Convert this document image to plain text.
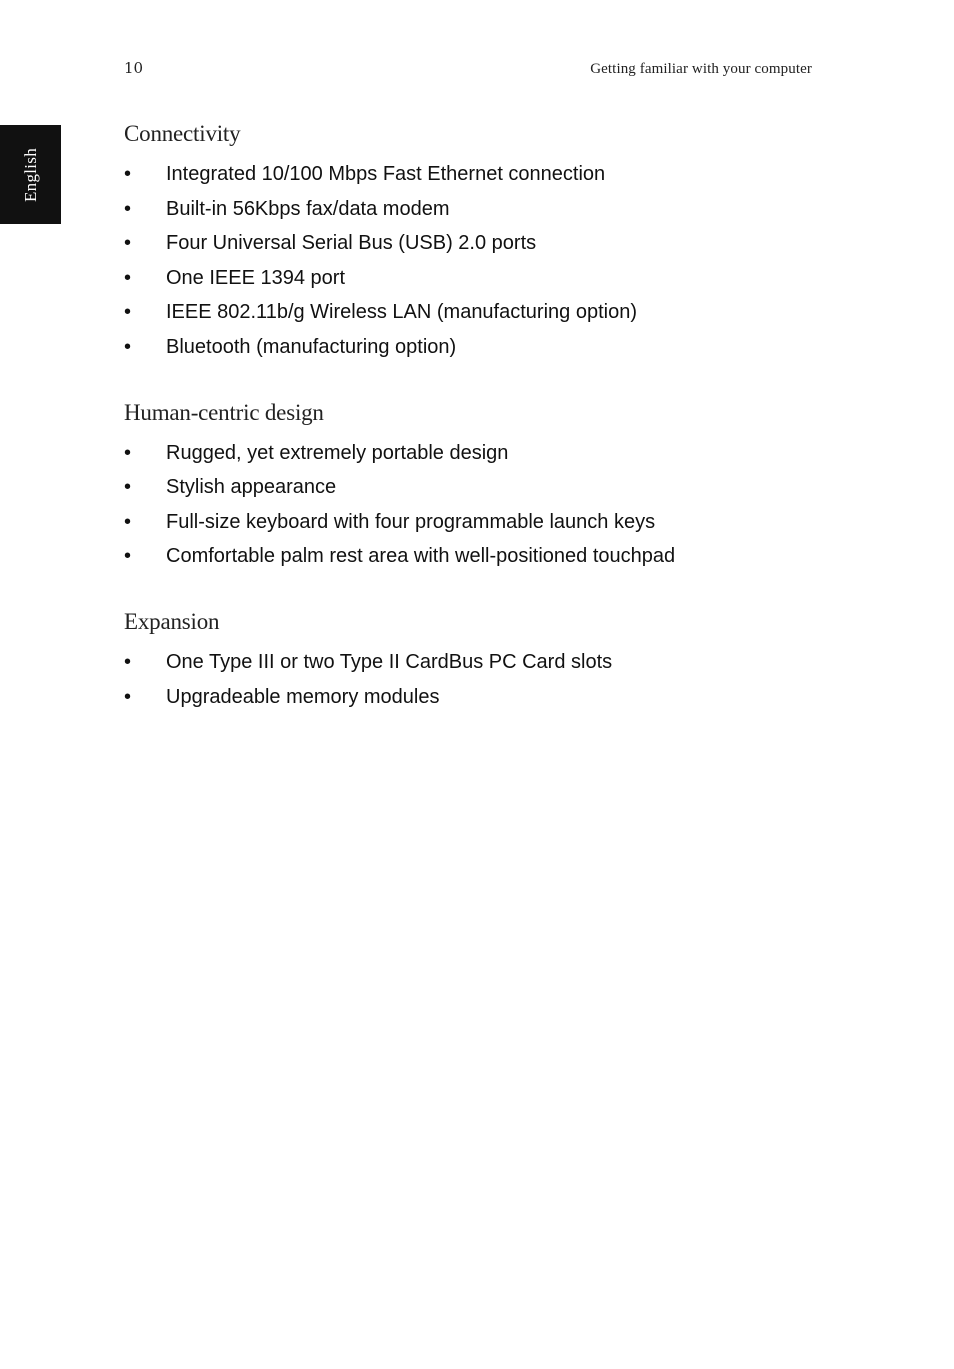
10	Getting familiar with your computer
English
Connectivity
• Integrated 10/100 Mbps Fast Ethernet connection
• Built-in 56Kbps fax/data modem
• Four Universal Serial Bus (USB) 2.0 ports
• One IEEE 1394 port
• IEEE 802.11b/g Wireless LAN (manufacturing option)
• Bluetooth (manufacturing option)
Human-centric design
• Rugged, yet extremely portable design
• Stylish appearance
• Full-size keyboard with four programmable launch keys
• Comfortable palm rest area with well-positioned touchpad
Expansion
• One Type III or two Type II CardBus PC Card slots
• Upgradeable memory modules
